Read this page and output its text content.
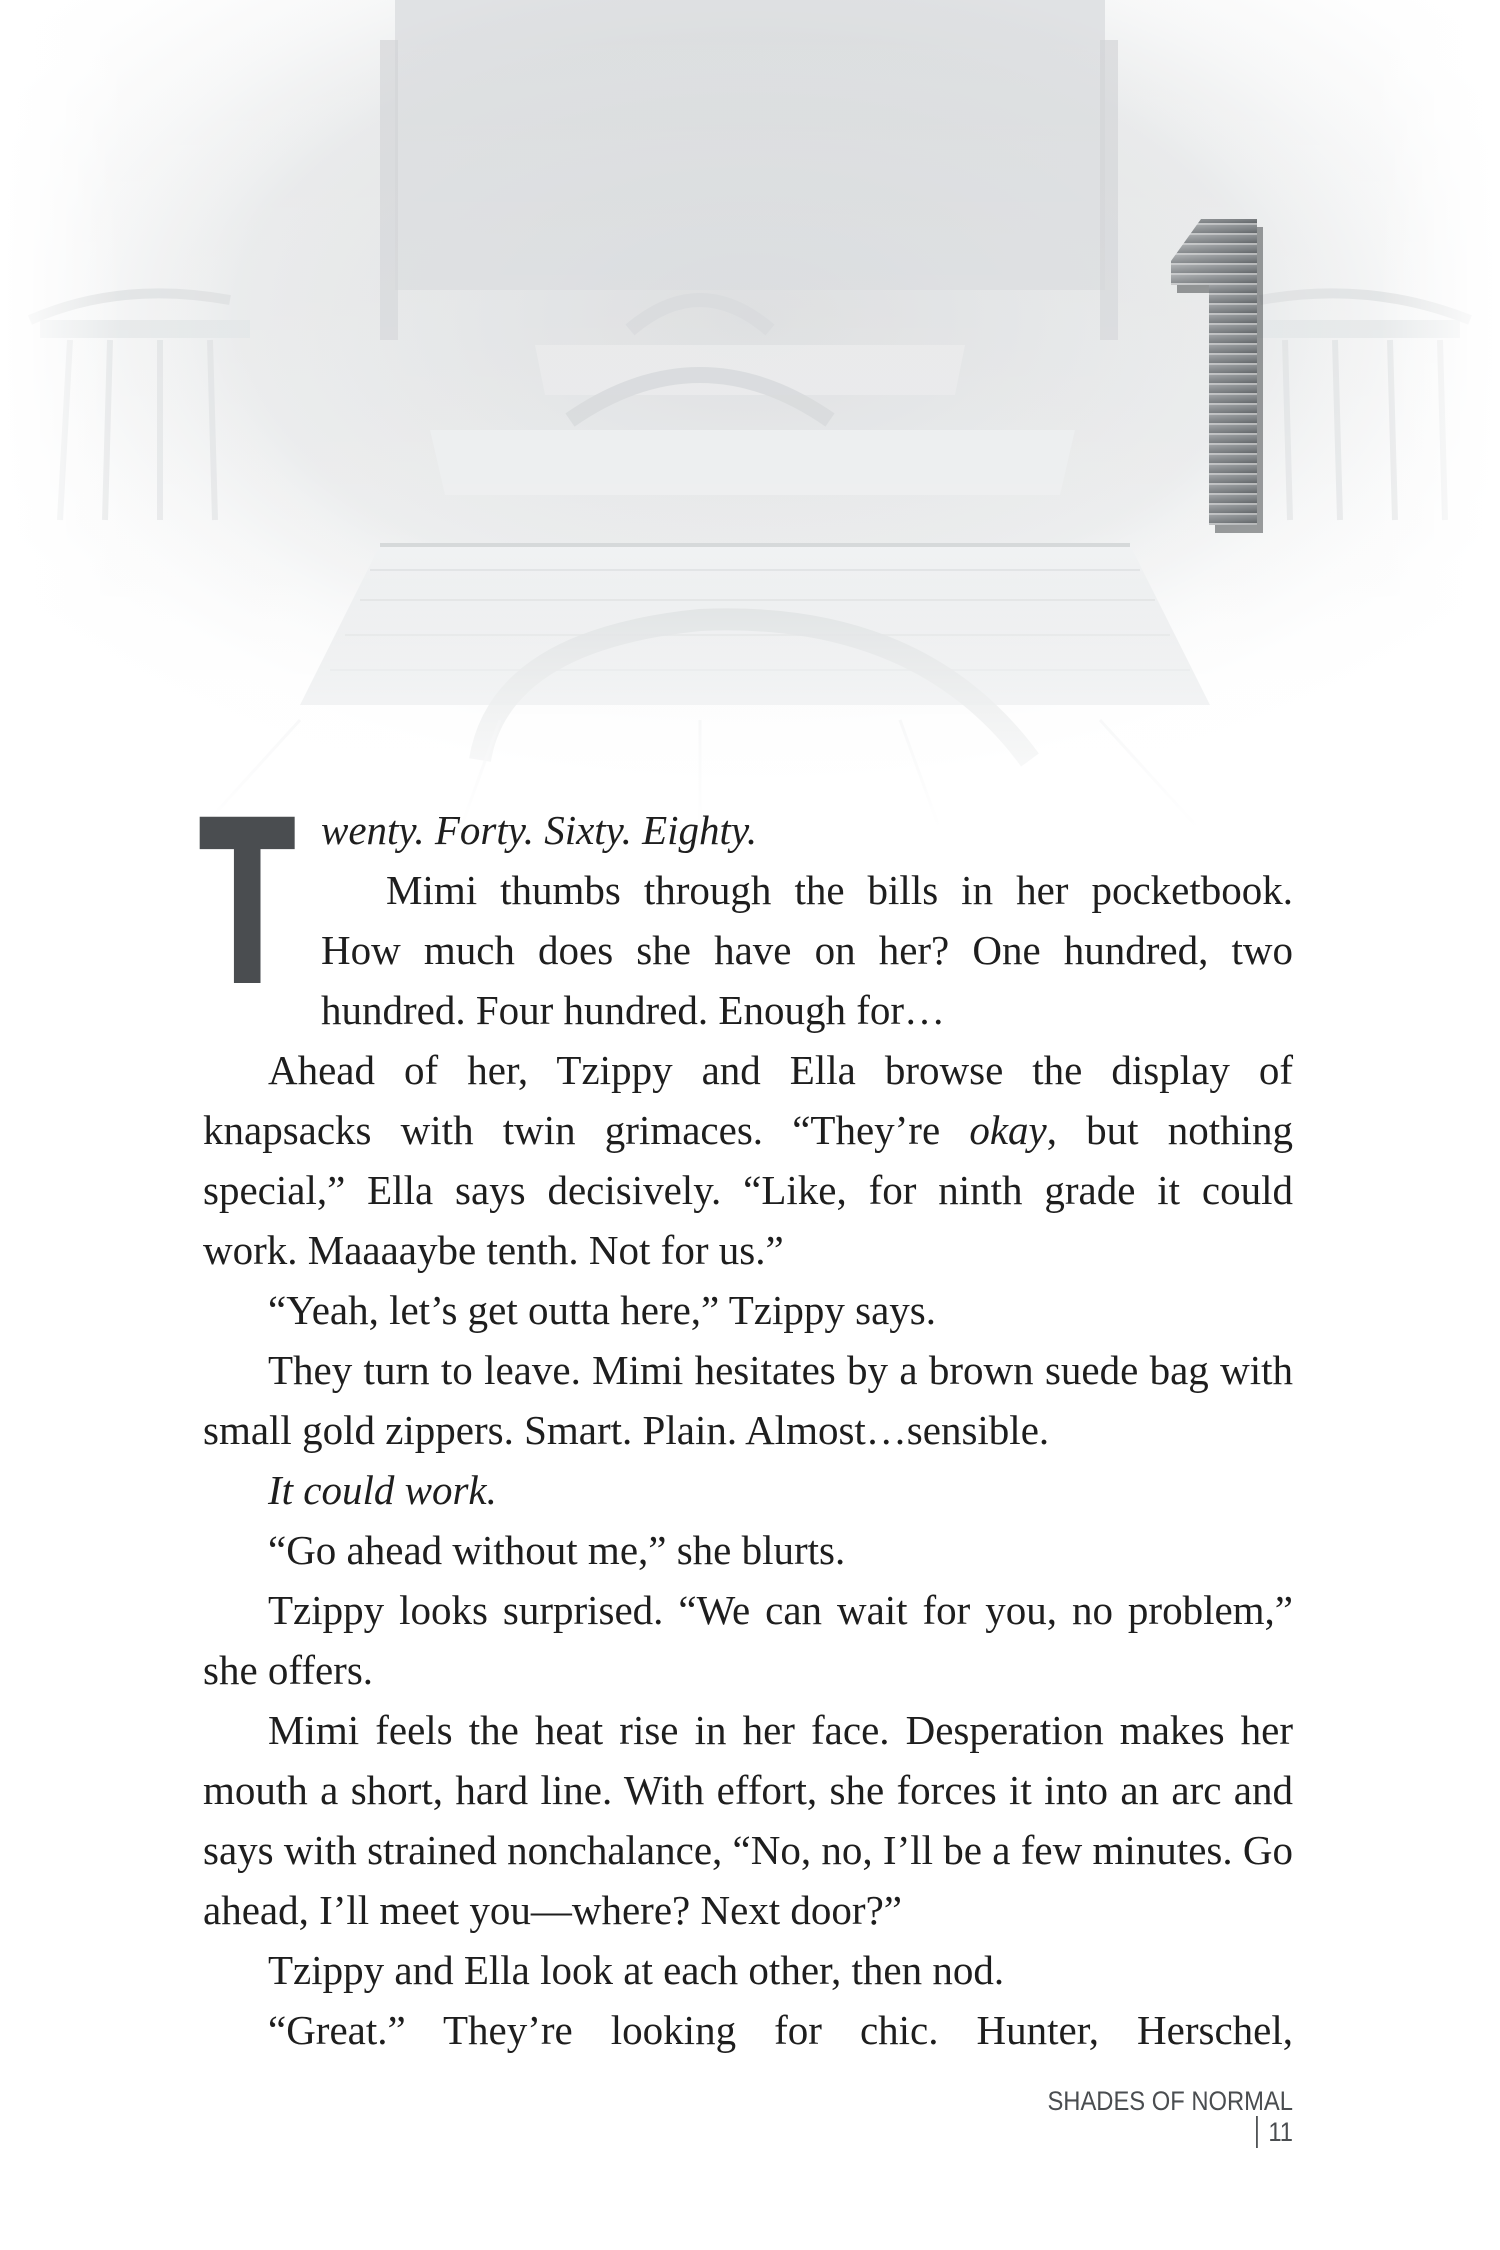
1
T wenty. Forty. Sixty. Eighty.
Mimi thumbs through the bills in her pocketbook. How much does she have on her? One hundred, two hundred. Four hundred. Enough for…

Ahead of her, Tzippy and Ella browse the display of knapsacks with twin grimaces. “They’re okay, but nothing special,” Ella says decisively. “Like, for ninth grade it could work. Maaaaybe tenth. Not for us.”

“Yeah, let’s get outta here,” Tzippy says.

They turn to leave. Mimi hesitates by a brown suede bag with small gold zippers. Smart. Plain. Almost…sensible.

It could work.

“Go ahead without me,” she blurts.

Tzippy looks surprised. “We can wait for you, no problem,” she offers.

Mimi feels the heat rise in her face. Desperation makes her mouth a short, hard line. With effort, she forces it into an arc and says with strained nonchalance, “No, no, I’ll be a few minutes. Go ahead, I’ll meet you—where? Next door?”

Tzippy and Ella look at each other, then nod.

“Great.” They’re looking for chic. Hunter, Herschel,

SHADES OF NORMAL11
